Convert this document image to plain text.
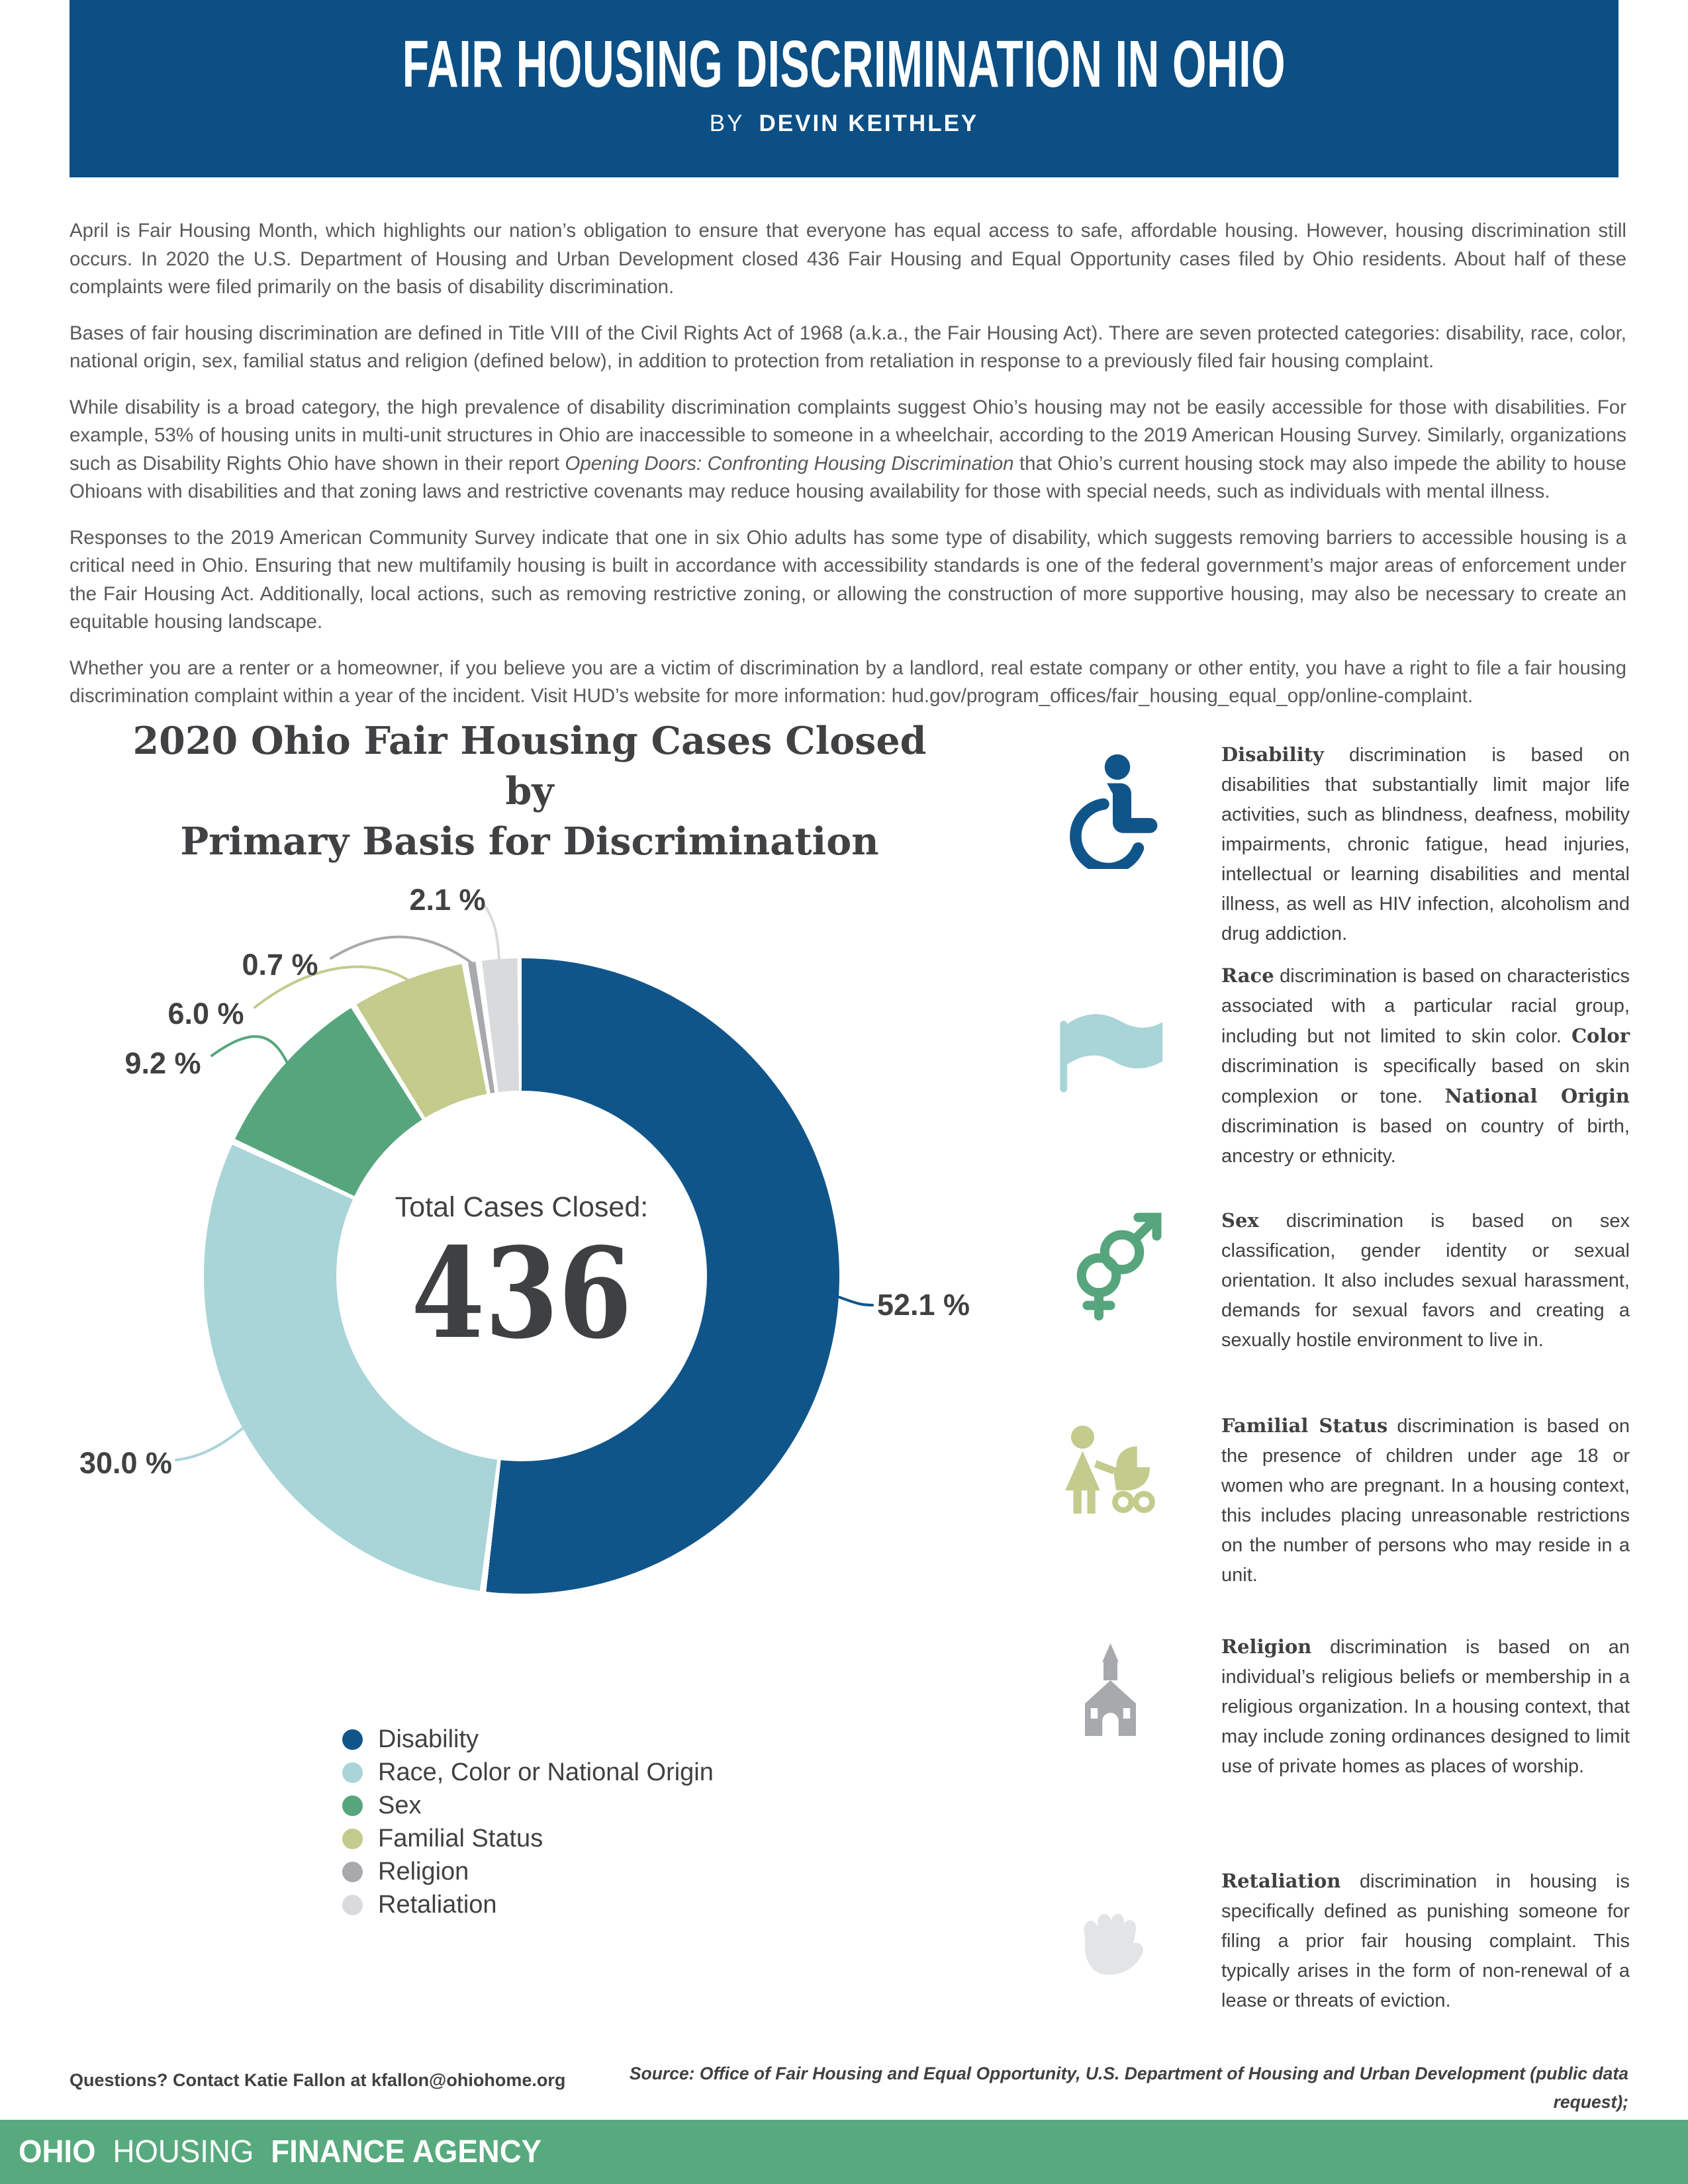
FAIR HOUSING DISCRIMINATION IN OHIO
BY DEVIN KEITHLEY

April is Fair Housing Month, which highlights our nation’s obligation to ensure that everyone has equal access to safe, affordable housing. However, housing discrimination still occurs. In 2020 the U.S. Department of Housing and Urban Development closed 436 Fair Housing and Equal Opportunity cases filed by Ohio residents. About half of these complaints were filed primarily on the basis of disability discrimination.

Bases of fair housing discrimination are defined in Title VIII of the Civil Rights Act of 1968 (a.k.a., the Fair Housing Act). There are seven protected categories: disability, race, color, national origin, sex, familial status and religion (defined below), in addition to protection from retaliation in response to a previously filed fair housing complaint.

While disability is a broad category, the high prevalence of disability discrimination complaints suggest Ohio’s housing may not be easily accessible for those with disabilities. For example, 53% of housing units in multi-unit structures in Ohio are inaccessible to someone in a wheelchair, according to the 2019 American Housing Survey. Similarly, organizations such as Disability Rights Ohio have shown in their report Opening Doors: Confronting Housing Discrimination that Ohio’s current housing stock may also impede the ability to house Ohioans with disabilities and that zoning laws and restrictive covenants may reduce housing availability for those with special needs, such as individuals with mental illness.

Responses to the 2019 American Community Survey indicate that one in six Ohio adults has some type of disability, which suggests removing barriers to accessible housing is a critical need in Ohio. Ensuring that new multifamily housing is built in accordance with accessibility standards is one of the federal government’s major areas of enforcement under the Fair Housing Act. Additionally, local actions, such as removing restrictive zoning, or allowing the construction of more supportive housing, may also be necessary to create an equitable housing landscape.

Whether you are a renter or a homeowner, if you believe you are a victim of discrimination by a landlord, real estate company or other entity, you have a right to file a fair housing discrimination complaint within a year of the incident. Visit HUD’s website for more information: hud.gov/program_offices/fair_housing_equal_opp/online-complaint.

2020 Ohio Fair Housing Cases Closed by
Primary Basis for Discrimination
Total Cases Closed:
436	52.1 %
30.0 %
9.2 %
6.0 %
0.7 %
2.1 %
Disability
Race, Color or National Origin
Sex
Familial Status
Religion
Retaliation
Disability discrimination is based on disabilities that substantially limit major life activities, such as blindness, deafness, mobility impairments, chronic fatigue, head injuries, intellectual or learning disabilities and mental illness, as well as HIV infection, alcoholism and drug addiction.
Race discrimination is based on characteristics associated with a particular racial group, including but not limited to skin color. Color discrimination is specifically based on skin complexion or tone. National Origin discrimination is based on country of birth, ancestry or ethnicity.
Sex discrimination is based on sex classification, gender identity or sexual orientation. It also includes sexual harassment, demands for sexual favors and creating a sexually hostile environment to live in.
Familial Status discrimination is based on the presence of children under age 18 or women who are pregnant. In a housing context, this includes placing unreasonable restrictions on the number of persons who may reside in a unit.
Religion discrimination is based on an individual’s religious beliefs or membership in a religious organization. In a housing context, that may include zoning ordinances designed to limit use of private homes as places of worship.
Retaliation discrimination in housing is specifically defined as punishing someone for filing a prior fair housing complaint. This typically arises in the form of non-renewal of a lease or threats of eviction.
Questions? Contact Katie Fallon at kfallon@ohiohome.org	Source: Office of Fair Housing and Equal Opportunity, U.S. Department of Housing and Urban Development (public data request);
OHIO HOUSING FINANCE AGENCY
